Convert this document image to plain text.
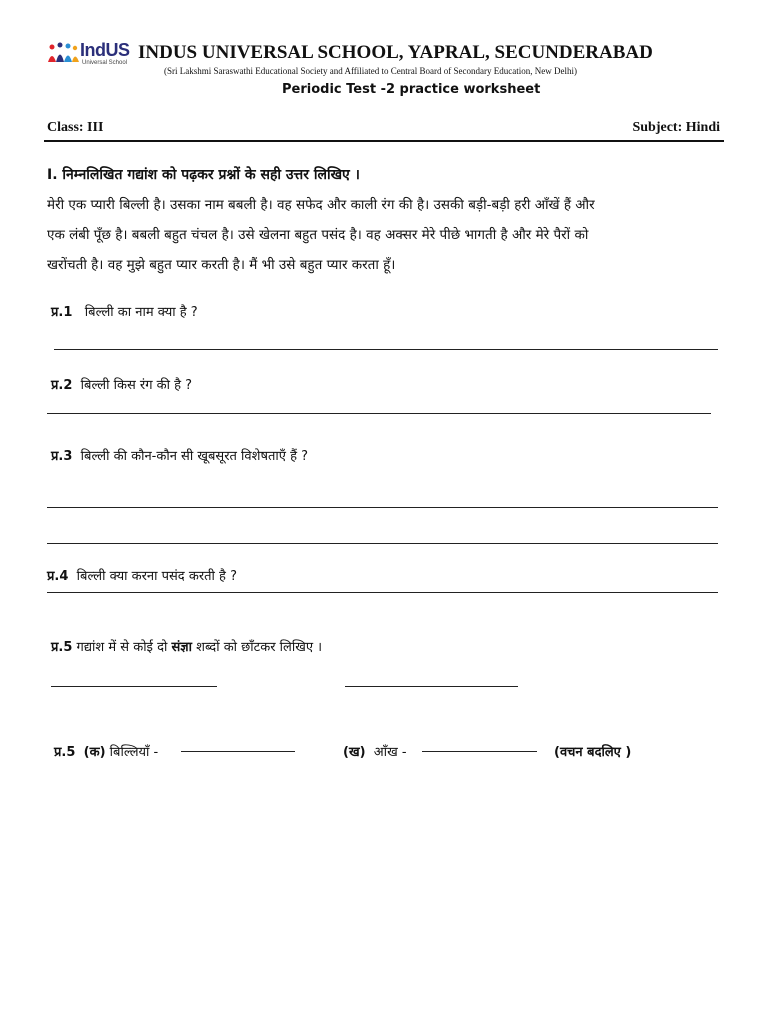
IndUS
Universal School INDUS UNIVERSAL SCHOOL, YAPRAL, SECUNDERABAD
(Sri Lakshmi Saraswathi Educational Society and Affiliated to Central Board of Secondary Education, New Delhi)
Periodic Test -2 practice worksheet
Class: III	Subject: Hindi
I. निम्नलिखित गद्यांश को पढ़कर प्रश्नों के सही उत्तर लिखिए ।
मेरी एक प्यारी बिल्ली है। उसका नाम बबली है। वह सफेद और काली रंग की है। उसकी बड़ी-बड़ी हरी आँखें हैं और
एक लंबी पूँछ है। बबली बहुत चंचल है। उसे खेलना बहुत पसंद है। वह अक्सर मेरे पीछे भागती है और मेरे पैरों को
खरोंचती है। वह मुझे बहुत प्यार करती है। मैं भी उसे बहुत प्यार करता हूँ।
प्र.1 बिल्ली का नाम क्या है ?
प्र.2 बिल्ली किस रंग की है ?
प्र.3 बिल्ली की कौन-कौन सी खूबसूरत विशेषताएँ हैं ?
प्र.4 बिल्ली क्या करना पसंद करती है ?
प्र.5 गद्यांश में से कोई दो संज्ञा शब्दों को छाँटकर लिखिए ।
प्र.5 (क) बिल्लियाँ -	(ख) आँख -	(वचन बदलिए )
